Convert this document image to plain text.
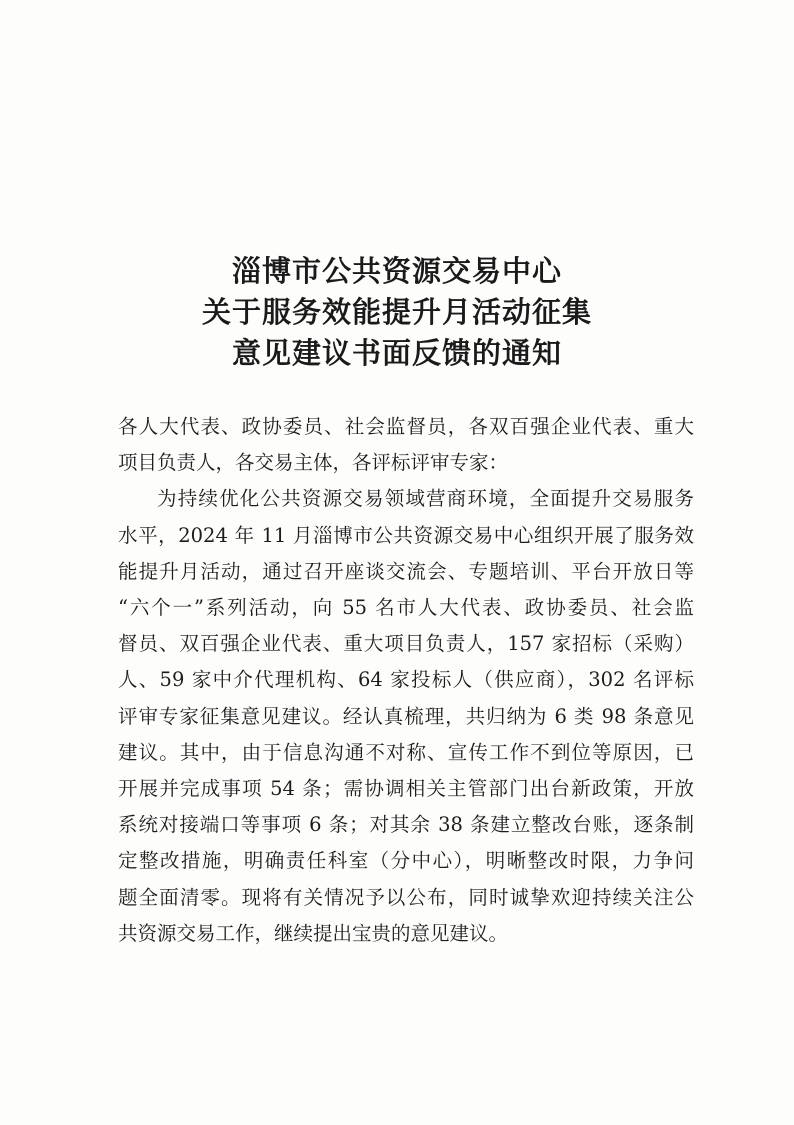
淄博市公共资源交易中心
关于服务效能提升月活动征集
意见建议书面反馈的通知
各人大代表、政协委员、社会监督员，各双百强企业代表、重大
项目负责人，各交易主体，各评标评审专家：
为持续优化公共资源交易领域营商环境，全面提升交易服务
水平，2024 年 11 月淄博市公共资源交易中心组织开展了服务效
能提升月活动，通过召开座谈交流会、专题培训、平台开放日等
“六个一”系列活动，向 55 名市人大代表、政协委员、社会监
督员、双百强企业代表、重大项目负责人，157 家招标（采购）
人、59 家中介代理机构、64 家投标人（供应商），302 名评标
评审专家征集意见建议。经认真梳理，共归纳为 6 类 98 条意见
建议。其中，由于信息沟通不对称、宣传工作不到位等原因，已
开展并完成事项 54 条；需协调相关主管部门出台新政策，开放
系统对接端口等事项 6 条；对其余 38 条建立整改台账，逐条制
定整改措施，明确责任科室（分中心），明晰整改时限，力争问
题全面清零。现将有关情况予以公布，同时诚挚欢迎持续关注公
共资源交易工作，继续提出宝贵的意见建议。
